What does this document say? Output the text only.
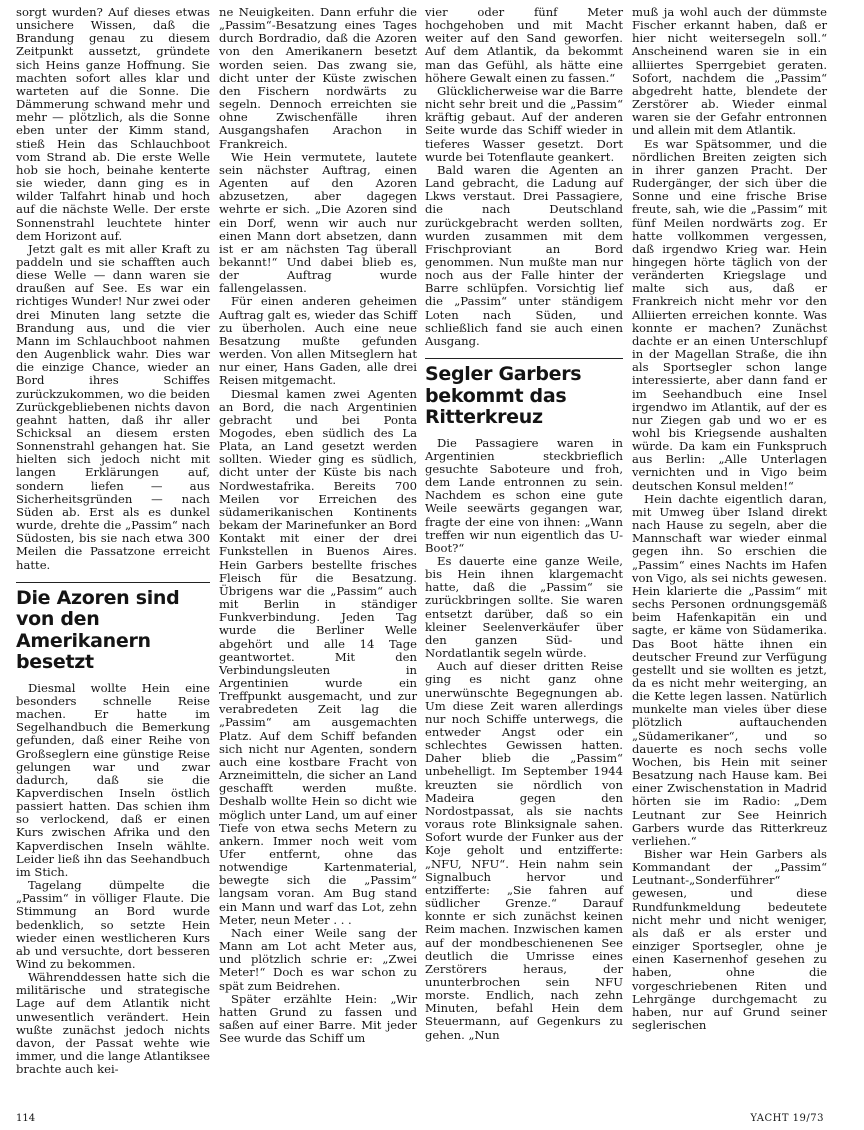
sorgt wurden? Auf dieses etwas unsichere Wissen, daß die Brandung genau zu diesem Zeitpunkt aussetzt, gründete sich Heins ganze Hoffnung. Sie machten sofort alles klar und warteten auf die Sonne. Die Dämmerung schwand mehr und mehr — plötzlich, als die Sonne eben unter der Kimm stand, stieß Hein das Schlauchboot vom Strand ab. Die erste Welle hob sie hoch, beinahe kenterte sie wieder, dann ging es in wilder Talfahrt hinab und hoch auf die nächste Welle. Der erste Sonnenstrahl leuchtete hinter dem Horizont auf.

Jetzt galt es mit aller Kraft zu paddeln und sie schafften auch diese Welle — dann waren sie draußen auf See. Es war ein richtiges Wunder! Nur zwei oder drei Minuten lang setzte die Brandung aus, und die vier Mann im Schlauchboot nahmen den Augenblick wahr. Dies war die einzige Chance, wieder an Bord ihres Schiffes zurückzukommen, wo die beiden Zurückgebliebenen nichts davon geahnt hatten, daß ihr aller Schicksal an diesem ersten Sonnenstrahl gehangen hat. Sie hielten sich jedoch nicht mit langen Erklärungen auf, sondern liefen — aus Sicherheitsgründen — nach Süden ab. Erst als es dunkel wurde, drehte die „Passim“ nach Südosten, bis sie nach etwa 300 Meilen die Passatzone erreicht hatte.

Die Azoren sind von den Amerikanern besetzt

Diesmal wollte Hein eine besonders schnelle Reise machen. Er hatte im Segelhandbuch die Bemerkung gefunden, daß einer Reihe von Großseglern eine günstige Reise gelungen war und zwar dadurch, daß sie die Kapverdischen Inseln östlich passiert hatten. Das schien ihm so verlockend, daß er einen Kurs zwischen Afrika und den Kapverdischen Inseln wählte. Leider ließ ihn das Seehandbuch im Stich.

Tagelang dümpelte die „Passim“ in völliger Flaute. Die Stimmung an Bord wurde bedenklich, so setzte Hein wieder einen westlicheren Kurs ab und versuchte, dort besseren Wind zu bekommen.

Währenddessen hatte sich die militärische und strategische Lage auf dem Atlantik nicht unwesentlich verändert. Hein wußte zunächst jedoch nichts davon, der Passat wehte wie immer, und die lange Atlantiksee brachte auch kei-

ne Neuigkeiten. Dann erfuhr die „Passim“-Besatzung eines Tages durch Bordradio, daß die Azoren von den Amerikanern besetzt worden seien. Das zwang sie, dicht unter der Küste zwischen den Fischern nordwärts zu segeln. Dennoch erreichten sie ohne Zwischenfälle ihren Ausgangshafen Arachon in Frankreich.

Wie Hein vermutete, lautete sein nächster Auftrag, einen Agenten auf den Azoren abzusetzen, aber dagegen wehrte er sich. „Die Azoren sind ein Dorf, wenn wir auch nur einen Mann dort absetzen, dann ist er am nächsten Tag überall bekannt!“ Und dabei blieb es, der Auftrag wurde fallengelassen.

Für einen anderen geheimen Auftrag galt es, wieder das Schiff zu überholen. Auch eine neue Besatzung mußte gefunden werden. Von allen Mitseglern hat nur einer, Hans Gaden, alle drei Reisen mitgemacht.

Diesmal kamen zwei Agenten an Bord, die nach Argentinien gebracht und bei Ponta Mogodes, eben südlich des La Plata, an Land gesetzt werden sollten. Wieder ging es südlich, dicht unter der Küste bis nach Nordwestafrika. Bereits 700 Meilen vor Erreichen des südamerikanischen Kontinents bekam der Marinefunker an Bord Kontakt mit einer der drei Funkstellen in Buenos Aires. Hein Garbers bestellte frisches Fleisch für die Besatzung. Übrigens war die „Passim“ auch mit Berlin in ständiger Funkverbindung. Jeden Tag wurde die Berliner Welle abgehört und alle 14 Tage geantwortet. Mit den Verbindungsleuten in Argentinien wurde ein Treffpunkt ausgemacht, und zur verabredeten Zeit lag die „Passim“ am ausgemachten Platz. Auf dem Schiff befanden sich nicht nur Agenten, sondern auch eine kostbare Fracht von Arzneimitteln, die sicher an Land geschafft werden mußte. Deshalb wollte Hein so dicht wie möglich unter Land, um auf einer Tiefe von etwa sechs Metern zu ankern. Immer noch weit vom Ufer entfernt, ohne das notwendige Kartenmaterial, bewegte sich die „Passim“ langsam voran. Am Bug stand ein Mann und warf das Lot, zehn Meter, neun Meter . . .

Nach einer Weile sang der Mann am Lot acht Meter aus, und plötzlich schrie er: „Zwei Meter!“ Doch es war schon zu spät zum Beidrehen.

Später erzählte Hein: „Wir hatten Grund zu fassen und saßen auf einer Barre. Mit jeder See wurde das Schiff um

vier oder fünf Meter hochgehoben und mit Macht weiter auf den Sand geworfen. Auf dem Atlantik, da bekommt man das Gefühl, als hätte eine höhere Gewalt einen zu fassen.“

Glücklicherweise war die Barre nicht sehr breit und die „Passim“ kräftig gebaut. Auf der anderen Seite wurde das Schiff wieder in tieferes Wasser gesetzt. Dort wurde bei Totenflaute geankert.

Bald waren die Agenten an Land gebracht, die Ladung auf Lkws verstaut. Drei Passagiere, die nach Deutschland zurückgebracht werden sollten, wurden zusammen mit dem Frischproviant an Bord genommen. Nun mußte man nur noch aus der Falle hinter der Barre schlüpfen. Vorsichtig lief die „Passim“ unter ständigem Loten nach Süden, und schließlich fand sie auch einen Ausgang.

Segler Garbers bekommt das Ritterkreuz

Die Passagiere waren in Argentinien steckbrieflich gesuchte Saboteure und froh, dem Lande entronnen zu sein. Nachdem es schon eine gute Weile seewärts gegangen war, fragte der eine von ihnen: „Wann treffen wir nun eigentlich das U-Boot?“

Es dauerte eine ganze Weile, bis Hein ihnen klargemacht hatte, daß die „Passim“ sie zurückbringen sollte. Sie waren entsetzt darüber, daß so ein kleiner Seelenverkäufer über den ganzen Süd- und Nordatlantik segeln würde.

Auch auf dieser dritten Reise ging es nicht ganz ohne unerwünschte Begegnungen ab. Um diese Zeit waren allerdings nur noch Schiffe unterwegs, die entweder Angst oder ein schlechtes Gewissen hatten. Daher blieb die „Passim“ unbehelligt. Im September 1944 kreuzten sie nördlich von Madeira gegen den Nordostpassat, als sie nachts voraus rote Blinksignale sahen. Sofort wurde der Funker aus der Koje geholt und entzifferte: „NFU, NFU“. Hein nahm sein Signalbuch hervor und entzifferte: „Sie fahren auf südlicher Grenze.“ Darauf konnte er sich zunächst keinen Reim machen. Inzwischen kamen auf der mondbeschienenen See deutlich die Umrisse eines Zerstörers heraus, der ununterbrochen sein NFU morste. Endlich, nach zehn Minuten, befahl Hein dem Steuermann, auf Gegenkurs zu gehen. „Nun

muß ja wohl auch der dümmste Fischer erkannt haben, daß er hier nicht weitersegeln soll.“ Anscheinend waren sie in ein alliiertes Sperrgebiet geraten. Sofort, nachdem die „Passim“ abgedreht hatte, blendete der Zerstörer ab. Wieder einmal waren sie der Gefahr entronnen und allein mit dem Atlantik.

Es war Spätsommer, und die nördlichen Breiten zeigten sich in ihrer ganzen Pracht. Der Rudergänger, der sich über die Sonne und eine frische Brise freute, sah, wie die „Passim“ mit fünf Meilen nordwärts zog. Er hatte vollkommen vergessen, daß irgendwo Krieg war. Hein hingegen hörte täglich von der veränderten Kriegslage und malte sich aus, daß er Frankreich nicht mehr vor den Alliierten erreichen konnte. Was konnte er machen? Zunächst dachte er an einen Unterschlupf in der Magellan Straße, die ihn als Sportsegler schon lange interessierte, aber dann fand er im Seehandbuch eine Insel irgendwo im Atlantik, auf der es nur Ziegen gab und wo er es wohl bis Kriegsende aushalten würde. Da kam ein Funkspruch aus Berlin: „Alle Unterlagen vernichten und in Vigo beim deutschen Konsul melden!“

Hein dachte eigentlich daran, mit Umweg über Island direkt nach Hause zu segeln, aber die Mannschaft war wieder einmal gegen ihn. So erschien die „Passim“ eines Nachts im Hafen von Vigo, als sei nichts gewesen. Hein klarierte die „Passim“ mit sechs Personen ordnungsgemäß beim Hafenkapitän ein und sagte, er käme von Südamerika. Das Boot hätte ihnen ein deutscher Freund zur Verfügung gestellt und sie wollten es jetzt, da es nicht mehr weiterging, an die Kette legen lassen. Natürlich munkelte man vieles über diese plötzlich auftauchenden „Südamerikaner“, und so dauerte es noch sechs volle Wochen, bis Hein mit seiner Besatzung nach Hause kam. Bei einer Zwischenstation in Madrid hörten sie im Radio: „Dem Leutnant zur See Heinrich Garbers wurde das Ritterkreuz verliehen.“

Bisher war Hein Garbers als Kommandant der „Passim“ Leutnant-„Sonderführer“ gewesen, und diese Rundfunkmeldung bedeutete nicht mehr und nicht weniger, als daß er als erster und einziger Sportsegler, ohne je einen Kasernenhof gesehen zu haben, ohne die vorgeschriebenen Riten und Lehrgänge durchgemacht zu haben, nur auf Grund seiner seglerischen

114	YACHT 19/73
